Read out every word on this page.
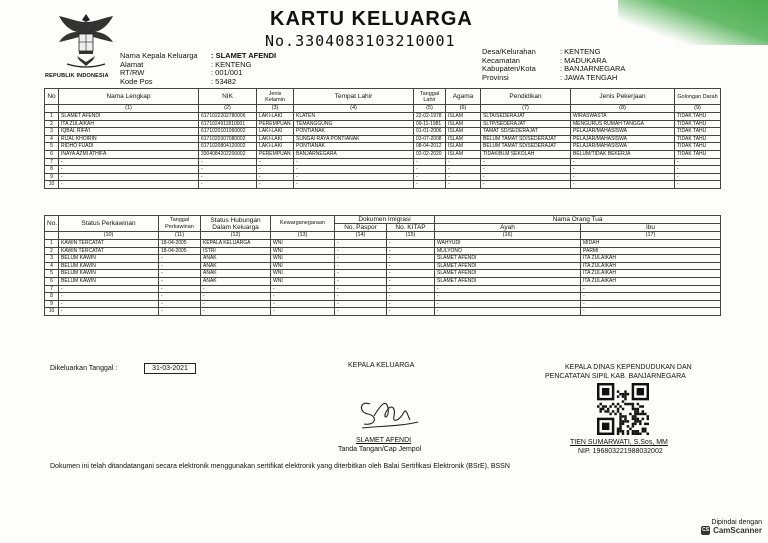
REPUBLIK INDONESIA
KARTU KELUARGA
No.3304083103210001
Nama Kepala Keluarga	: SLAMET AFENDI
Alamat	: KENTENG
RT/RW	: 001/001
Kode Pos	: 53482
Desa/Kelurahan	: KENTENG
Kecamatan	: MADUKARA
Kabupaten/Kota	: BANJARNEGARA
Provinsi	: JAWA TENGAH
No	Nama Lengkap	NIK	Jenis Kelamin	Tempat Lahir	Tanggal Lahir	Agama	Pendidikan	Jenis Pekerjaan	Golongan Darah
	(1)	(2)	(3)	(4)	(5)	(6)	(7)	(8)	(9)
1	SLAMET AFENDI	6171022202780006	LAKI-LAKI	KLATEN	22-02-1978	ISLAM	SLTA/SEDERAJAT	WIRASWASTA	TIDAK TAHU
2	ITA ZULAIKAH	6171024911810001	PEREMPUAN	TEMANGGUNG	09-11-1981	ISLAM	SLTP/SEDERAJAT	MENGURUS RUMAH TANGGA	TIDAK TAHU
3	IQBAL RIFA'I	6171020101060002	LAKI-LAKI	PONTIANAK	01-01-2006	ISLAM	TAMAT SD/SEDERAJAT	PELAJAR/MAHASISWA	TIDAK TAHU
4	RIJAL KHOIRIN	6171020307080002	LAKI-LAKI	SUNGAI RAYA PONTIANAK	03-07-2008	ISLAM	BELUM TAMAT SD/SEDERAJAT	PELAJAR/MAHASISWA	TIDAK TAHU
5	RIDHO FUADI	6171020804120002	LAKI-LAKI	PONTIANAK	08-04-2012	ISLAM	BELUM TAMAT SD/SEDERAJAT	PELAJAR/MAHASISWA	TIDAK TAHU
6	INAYA AZMI ATHIFA	3304084202200002	PEREMPUAN	BANJARNEGARA	02-02-2020	ISLAM	TIDAK/BLM SEKOLAH	BELUM/TIDAK BEKERJA	TIDAK TAHU
7	-	-	-	-	-	-	-	-	-
8	-	-	-	-	-	-	-	-	-
9	-	-	-	-	-	-	-	-	-
10	-	-	-	-	-	-	-	-	-
No.	Status Perkawinan	Tanggal Perkawinan	Status Hubungan Dalam Keluarga	Kewarganegaraan	Dokumen Imigrasi		Nama Orang Tua	
					No. Paspor	No. KITAP	Ayah	Ibu
	(10)	(11)	(12)	(13)	(14)	(15)	(16)	(17)
1	KAWIN TERCATAT	18-04-2005	KEPALA KELUARGA	WNI	-	-	WAHYUDI	MIDAH
2	KAWIN TERCATAT	18-04-2005	ISTRI	WNI	-	-	MULYONO	PARMI
3	BELUM KAWIN	-	ANAK	WNI	-	-	SLAMET AFENDI	ITA ZULAIKAH
4	BELUM KAWIN	-	ANAK	WNI	-	-	SLAMET AFENDI	ITA ZULAIKAH
5	BELUM KAWIN	-	ANAK	WNI	-	-	SLAMET AFENDI	ITA ZULAIKAH
6	BELUM KAWIN	-	ANAK	WNI	-	-	SLAMET AFENDI	ITA ZULAIKAH
7	-	-	-	-	-	-	-	-
8	-	-	-	-	-	-	-	-
9	-	-	-	-	-	-	-	-
10	-	-	-	-	-	-	-	-
Dikeluarkan Tanggal :	31-03-2021	KEPALA KELUARGA
SLAMET AFENDI
Tanda Tangan/Cap Jempol
KEPALA DINAS KEPENDUDUKAN DAN
PENCATATAN SIPIL KAB. BANJARNEGARA
TIEN SUMARWATI, S.Sos, MM
NIP. 196803221988032002
Dokumen ini telah ditandatangani secara elektronik menggunakan sertifikat elektronik yang diterbitkan oleh Balai Sertifikasi Elektronik (BSrE), BSSN
Dipindai dengan
CS CamScanner
